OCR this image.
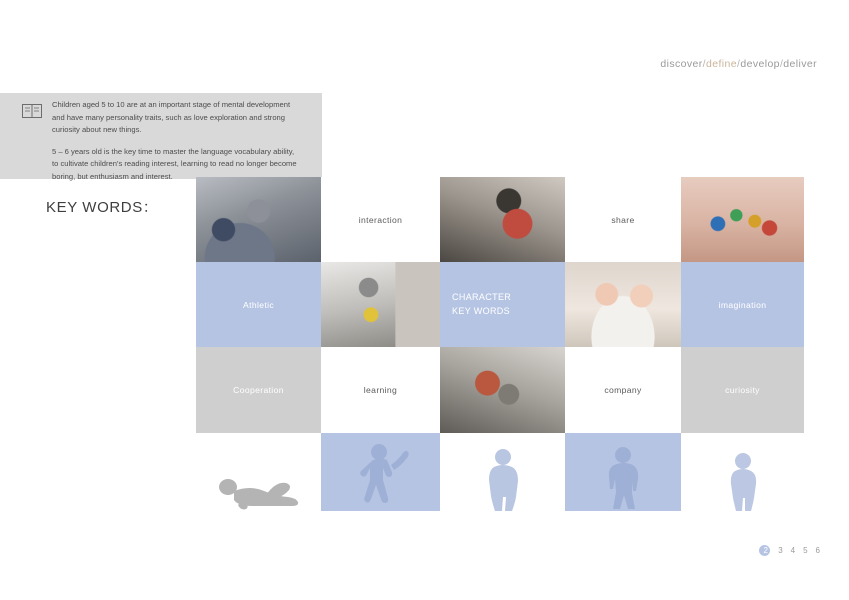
discover/define/develop/deliver

Children aged 5 to 10 are at an important stage of mental development and have many personality traits, such as love exploration and strong curiosity about new things.

5 – 6 years old is the key time to master the language vocabulary ability, to cultivate children's reading interest, learning to read no longer become boring, but enthusiasm and interest.

KEY WORDS：
interaction	share
Athletic
CHARACTER
KEY WORDS
imagination
Cooperation	learning	company	curiosity
2 3 4 5 6
